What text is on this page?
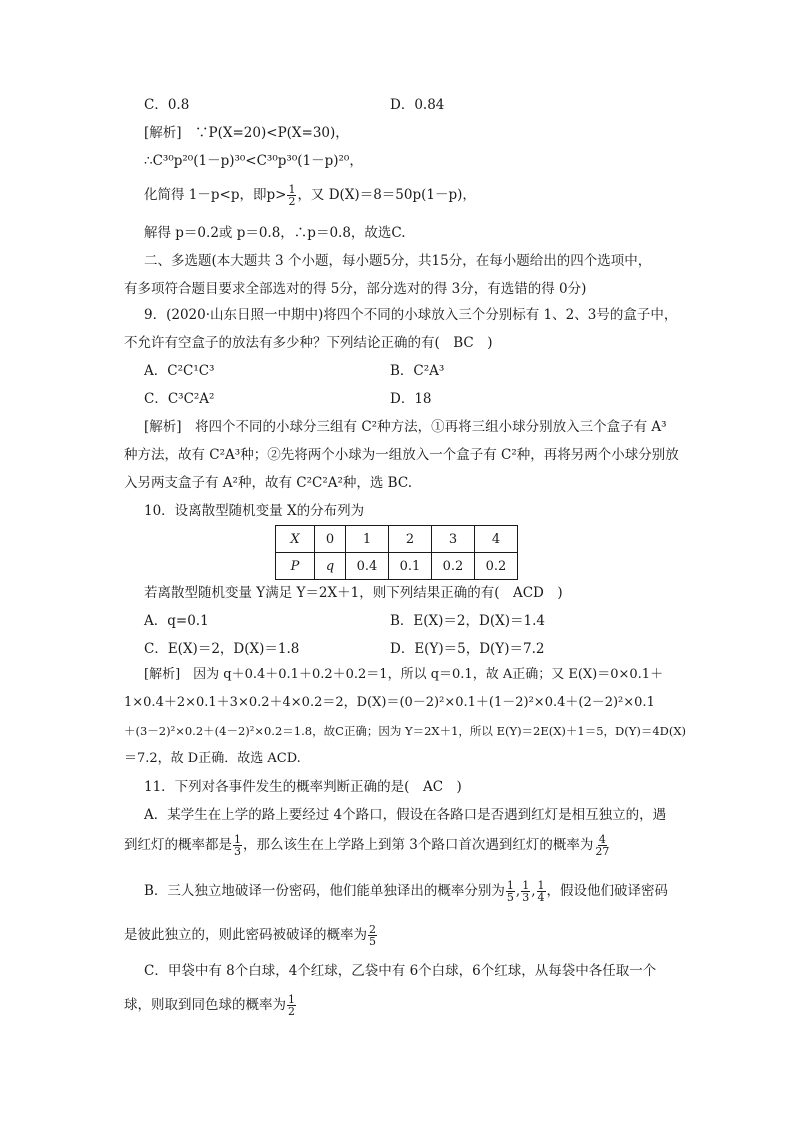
C．0.8	D．0.84
[解析]　∵P(X=20)<P(X=30)，
∴C³⁰p²⁰(1－p)³⁰<C³⁰p³⁰(1－p)²⁰，
化简得 1－p<p，即$p> \frac{1}{2}$ ，又 D(X)＝8＝50p(1－p)，
解得 p＝0.2或 p＝0.8，∴p＝0.8，故选C.
二、多选题(本大题共 3 个小题，每小题5分，共15分，在每小题给出的四个选项中，
有多项符合题目要求全部选对的得 5分，部分选对的得 3分，有选错的得 0分)
9．(2020·山东日照一中期中)将四个不同的小球放入三个分别标有 1、2、3号的盒子中，
不允许有空盒子的放法有多少种？下列结论正确的有(　BC　)
A．C²C¹C³	B．C²A³
C．C³C²A²	D．18
[解析]　将四个不同的小球分三组有 C²种方法，①再将三组小球分别放入三个盒子有 A³
种方法，故有 C²A³种；②先将两个小球为一组放入一个盒子有 C²种，再将另两个小球分别放
入另两支盒子有 A²种，故有 C²C²A²种，选 BC.
10．设离散型随机变量 X的分布列为
X	0	1	2	3	4
P	q	0.4	0.1	0.2	0.2
若离散型随机变量 Y满足 Y＝2X＋1，则下列结果正确的有(　ACD　)
A．q=0.1	B．E(X)＝2，D(X)＝1.4
C．E(X)＝2，D(X)＝1.8	D．E(Y)＝5，D(Y)＝7.2
[解析]　因为 q＋0.4＋0.1＋0.2＋0.2＝1，所以 q＝0.1，故 A正确；又 E(X)＝0×0.1＋
1×0.4＋2×0.1＋3×0.2＋4×0.2＝2，D(X)＝(0－2)²×0.1＋(1－2)²×0.4＋(2－2)²×0.1
＋(3－2)²×0.2＋(4－2)²×0.2＝1.8，故C正确；因为 Y＝2X＋1，所以 E(Y)＝2E(X)＋1＝5，D(Y)＝4D(X)
＝7.2，故 D正确．故选 ACD.
11．下列对各事件发生的概率判断正确的是(　AC　)
A．某学生在上学的路上要经过 4个路口，假设在各路口是否遇到红灯是相互独立的，遇
到红灯的概率都是 $\frac{1}{3}$ ，那么该生在上学路上到第 3个路口首次遇到红灯的概率为 $\frac{4}{27}$
B．三人独立地破译一份密码，他们能单独译出的概率分别为 $\frac{1}{5}$ , $\frac{1}{3}$ , $\frac{1}{4}$ ，假设他们破译密码
是彼此独立的，则此密码被破译的概率为 $\frac{2}{5}$
C．甲袋中有 8个白球，4个红球，乙袋中有 6个白球，6个红球，从每袋中各任取一个
球，则取到同色球的概率为 $\frac{1}{2}$
